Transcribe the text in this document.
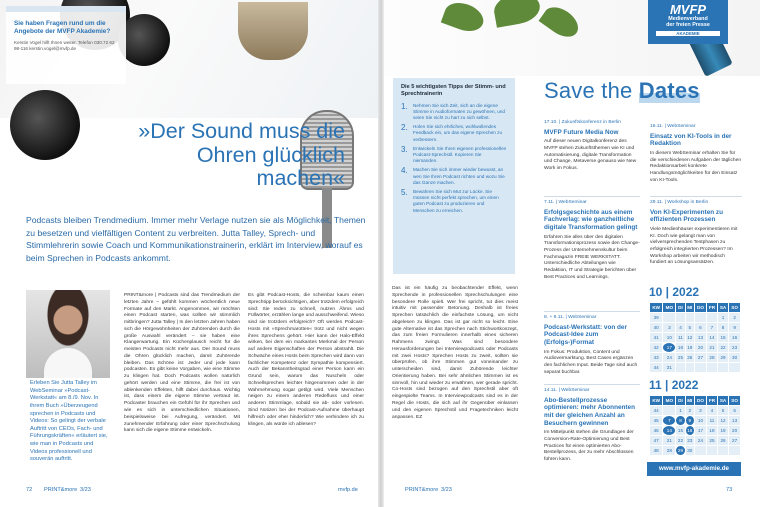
Sie haben Fragen rund um die Angebote der MVFP Akademie?
Kerstin Vogel hilft Ihnen weiter. Telefon 030.72 62 98-116 kerstin.vogel@mvfp.de
»Der Sound muss die Ohren glücklich machen«
Podcasts bleiben Trendmedium. Immer mehr Verlage nutzen sie als Möglichkeit, Themen zu besetzen und vielfältigen Content zu verbreiten. Jutta Talley, Sprech- und Stimmlehrerin sowie Coach und Kommunikationstrainerin, erklärt im Interview, worauf es beim Sprechen in Podcasts ankommt.
Erleben Sie Jutta Talley im WebSeminar »Podcast-Werkstatt« am 8./9. Nov. In ihrem Buch »Überzeugend sprechen in Podcasts und Videos: So gelingt der verbale Auftritt von CEOs, Fach- und Führungskräften« erläutert sie, wie man in Podcasts und Videos professionell und souverän auftritt.
PRINT&more | Podcasts sind das Trendmedium der letzten Jahre – gefühlt kommen wöchentlich neue Formate auf den Markt. Angenommen, wir möchten einen Podcast starten, was sollten wir stimmlich mitbringen? Jutta Talley | In den letzten Jahren haben sich die Hörgewohnheiten der Zuhörenden durch die große Auswahl verändert – sie haben eine Klangerwartung. Ein Küchenplausch reicht für die meisten Podcasts nicht mehr aus. Der Sound muss die Ohren glücklich machen, damit Zuhörende bleiben. Das Schöne ist: Jeder und jede kann podcasten. Es gibt keine Vorgaben, wie eine Stimme zu klingen hat. Doch Podcasts wollen natürlich gehört werden und eine Stimme, die frei ist von ablenkenden Effekten, hilft dabei durchaus. Wichtig ist, dass einem die eigene Stimme vertraut ist. Podcaster brauchen ein Gefühl für ihr Sprechen und wie es sich in unterschiedlichen Situationen, beispielsweise bei Aufregung, verändert. Mit zunehmender Erfahrung oder einer Sprechschulung kann sich die eigene Stimme entwickeln.
Es gibt Podcast-Hosts, die scheinbar kaum einen Sprechtipp berücksichtigen, aber trotzdem erfolgreich sind: Sie reden zu schnell, nutzen Ähms und Füllwörter, erzählen lange und ausschweifend. Wieso sind sie trotzdem erfolgreich? Oft werden Podcast-Hosts mit »Sprechmarotten« trotz und nicht wegen ihres Sprechens gehört. Hier kann der Halo-Effekt wirken, bei dem ein markantes Merkmal der Person auf andere Eigenschaften der Person abstrahlt. Die Schwäche eines Hosts beim Sprechen wird dann von fachlicher Kompetenz oder Sympathie kompensiert. Auch der Bekanntheitsgrad einer Person kann ein Grund sein, warum das Nuscheln oder Schnellsprechen leichter hingenommen oder in der Wahrnehmung sogar getilgt wird. Viele Menschen neigen zu einem anderen Redefluss und einer anderen Stimmlage, sobald sie ab- oder vorlesen. Sind Notizen bei der Podcast-Aufnahme überhaupt hilfreich oder eher hinderlich? Wie verhindere ich zu klingen, als würde ich ablesen?
72 PRINT&more 3/23	mvfp.de
MVFP
Medienverband
der freien Presse
AKADEMIE
Die 5 wichtigsten Tipps der Stimm- und Sprechtrainerin
1. Nehmen Sie sich Zeit, sich an die eigene Stimme in Audioformaten zu gewöhnen, und seien Sie nicht zu hart zu sich selbst.
2. Holen Sie sich ehrliches, wohlwollendes Feedback ein, um das eigene Sprechen zu verbessern.
3. Entwickeln Sie Ihren eigenen professionellen Podcast-Sprechstil. Kopieren Sie niemanden.
4. Machen Sie sich immer wieder bewusst, an wen Sie Ihren Podcast richten und wozu Sie das Ganze machen.
5. Bewahren Sie sich Mut zur Lücke. Sie müssen nicht perfekt sprechen, um einen guten Podcast zu produzieren und Menschen zu erreichen.
Das ist ein häufig zu beobachtender Effekt, wenn Sprechende in professionellen Sprechschulungen eine besondere Rolle spielt. Wer frei spricht, tut dies meist intuitiv mit passender Betonung. Deshalb ist freies Sprechen tatsächlich die einfachste Lösung, um nicht abgelesen zu klingen. Das ist gar nicht so leicht. Eine gute Alternative ist das Sprechen nach Stichwortkonzept, das zum freien Formulieren innerhalb eines sicheren Rahmens zwingt. Was sind besondere Herausforderungen bei Interviewpodcasts oder Podcasts mit zwei Hosts? Sprechen Hosts zu zweit, sollten sie überprüfen, ob ihre Stimmen gut voneinander zu unterscheiden sind, damit Zuhörende leichter Orientierung haben. Bei sehr ähnlichen Stimmen ist es sinnvoll, hin und wieder zu erwähnen, wer gerade spricht. Co-Hosts sind bezogen auf den Sprechstil aber oft eingespielte Teams. In Interviewpodcasts sind es in der Regel die Hosts, die sich auf ihr Gegenüber einlassen und den eigenen Sprechstil und Fragetechniken leicht anpassen. EZ
Save the Dates
17.10. | Zukunftskonferenz in Berlin
MVFP Future Media Now
Auf dieser neuen Digitalkonferenz des MVFP stehen Zukunftsthemen wie KI und Automatisierung, digitale Transformation und Change, Metaverse genauso wie New Work im Fokus.
7.11. | WebSeminar
Erfolgsgeschichte aus einem Fachverlag: wie ganzheitliche digitale Transformation gelingt
Erfahren Sie alles über den digitalen Transformationsprozess sowie den Change-Prozess der Unternehmenskultur beim Fachmagazin FREIE WERKSTATT. Unterschiedliche Abteilungen wie Redaktion, IT und Strategie berichten über Best Practices und Learnings.
8. + 9.11. | WebSeminar
Podcast-Werkstatt: von der Podcast-Idee zum (Erfolgs-)Format
Im Fokus: Produktion, Content und Audiovermarktung. Best Cases ergänzen den fachlichen Input. Beide Tage sind auch separat buchbar.
14.11. | WebSeminar
Abo-Bestellprozesse optimieren: mehr Abonnenten mit der gleichen Anzahl an Besuchern gewinnen
Im Mittelpunkt stehen die Grundlagen der Conversion-Rate-Optimierung und Best Practices für einen optimierten Abo-Bestellprozess, der zu mehr Abschlüssen führen kann.
16.11. | WebSeminar
Einsatz von KI-Tools in der Redaktion
In diesem WebSeminar erhalten Sie für die verschiedenen Aufgaben der täglichen Redaktionsarbeit konkrete Handlungsmöglichkeiten für den Einsatz von KI-Tools.
29.11. | Workshop in Berlin
Von KI-Experimenten zu effizienten Prozessen
Viele Medienhäuser experimentieren mit KI. Doch wie gelangt man von vielversprechenden Testphasen zu erfolgreich integrierten Prozessen? Im Workshop arbeiten wir methodisch fundiert an Lösungsansätzen.
10 | 2022
KW	MO	DI	MI	DO	FR	SA	SO
39						1	2
40	3	4	5	6	7	8	9
41	10	11	12	13	14	15	16
42	17	18	19	20	21	22	23
43	24	25	26	27	28	29	30
44	31						
11 | 2022
KW	MO	DI	MI	DO	FR	SA	SO
44		1	2	3	4	5	6
45	7	8	9	10	11	12	13
46	14	15	16	17	18	19	20
47	21	22	23	24	25	26	27
48	28	29	30				
www.mvfp-akademie.de
PRINT&more 3/23	73
